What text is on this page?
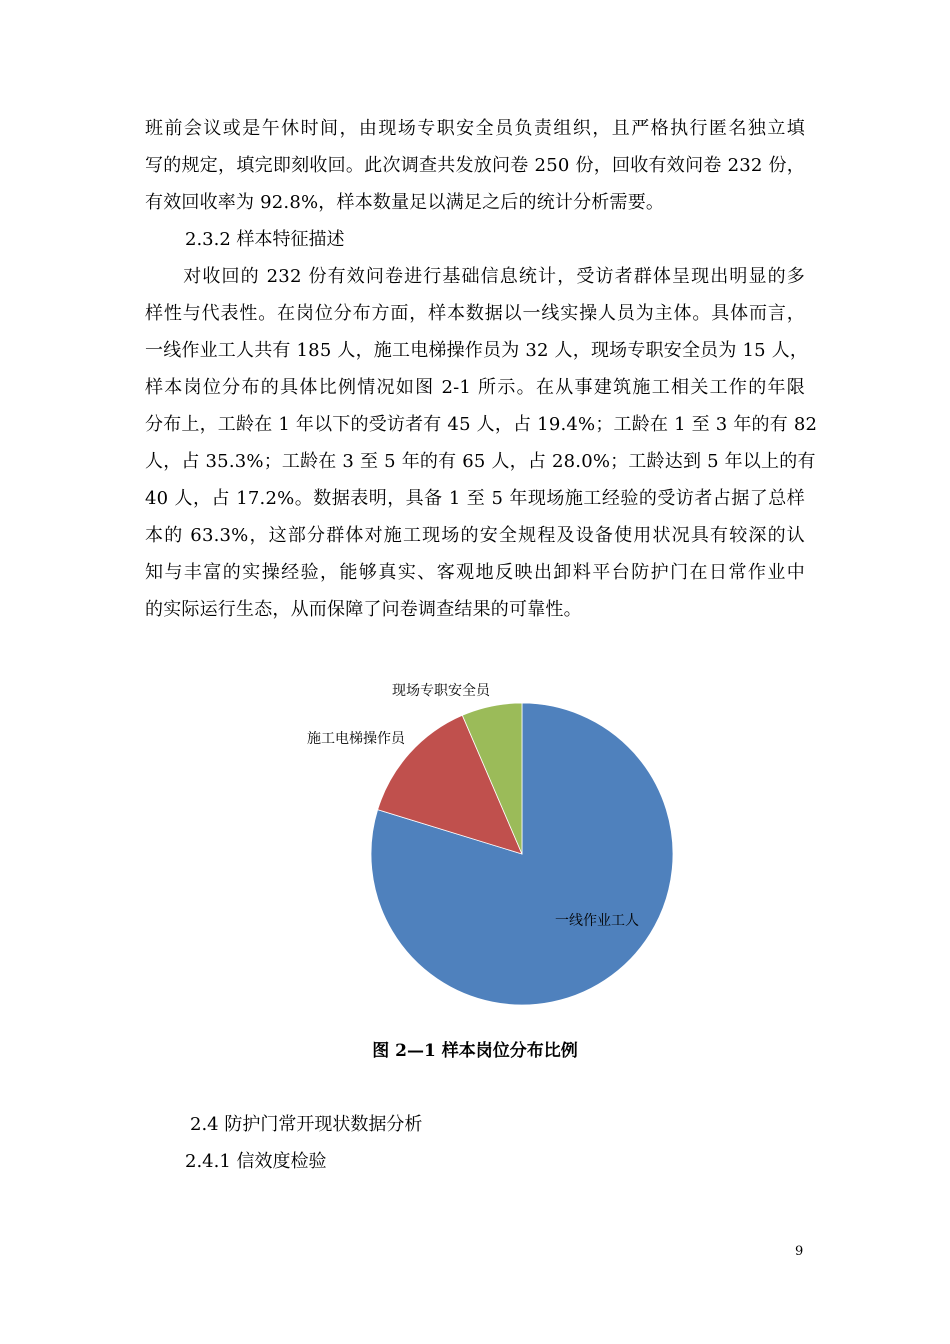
班前会议或是午休时间，由现场专职安全员负责组织，且严格执行匿名独立填
写的规定，填完即刻收回。此次调查共发放问卷 250 份，回收有效问卷 232 份，
有效回收率为 92.8%，样本数量足以满足之后的统计分析需要。
2.3.2 样本特征描述
　　对收回的 232 份有效问卷进行基础信息统计，受访者群体呈现出明显的多
样性与代表性。在岗位分布方面，样本数据以一线实操人员为主体。具体而言，
一线作业工人共有 185 人，施工电梯操作员为 32 人，现场专职安全员为 15 人，
样本岗位分布的具体比例情况如图 2-1 所示。在从事建筑施工相关工作的年限
分布上，工龄在 1 年以下的受访者有 45 人，占 19.4%；工龄在 1 至 3 年的有 82
人，占 35.3%；工龄在 3 至 5 年的有 65 人，占 28.0%；工龄达到 5 年以上的有
40 人，占 17.2%。数据表明，具备 1 至 5 年现场施工经验的受访者占据了总样
本的 63.3%，这部分群体对施工现场的安全规程及设备使用状况具有较深的认
知与丰富的实操经验，能够真实、客观地反映出卸料平台防护门在日常作业中
的实际运行生态，从而保障了问卷调查结果的可靠性。
一线作业工人
施工电梯操作员
现场专职安全员
图 2—1 样本岗位分布比例
2.4 防护门常开现状数据分析
2.4.1 信效度检验
9
